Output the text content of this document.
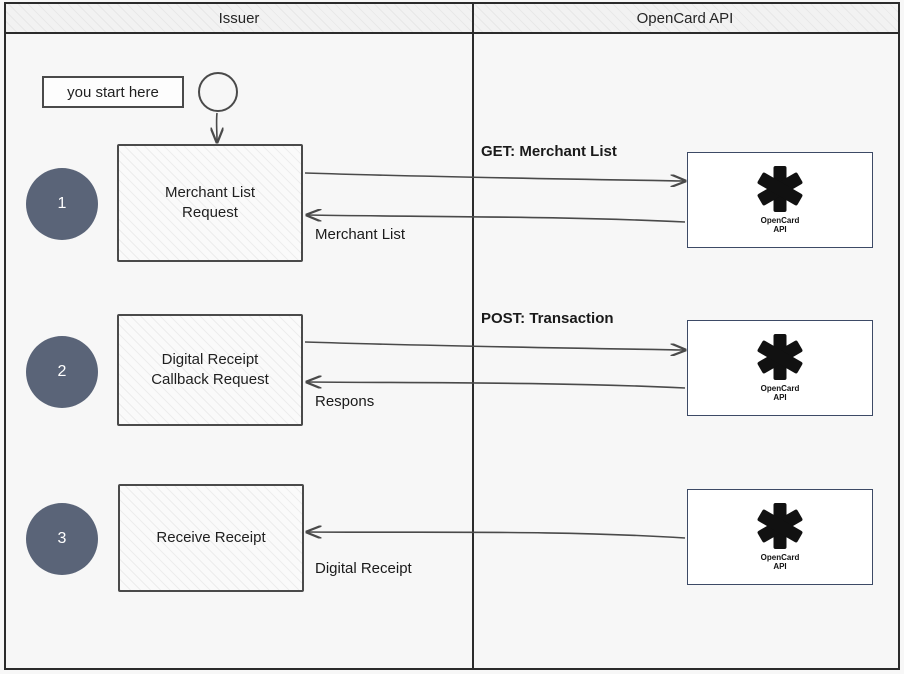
Issuer	OpenCard API
you start here
1
2
3
Merchant List
Request
Digital Receipt
Callback Request
Receive Receipt
OpenCard
API
OpenCard
API
OpenCard
API
GET: Merchant List
Merchant List
POST: Transaction
Respons
Digital Receipt
